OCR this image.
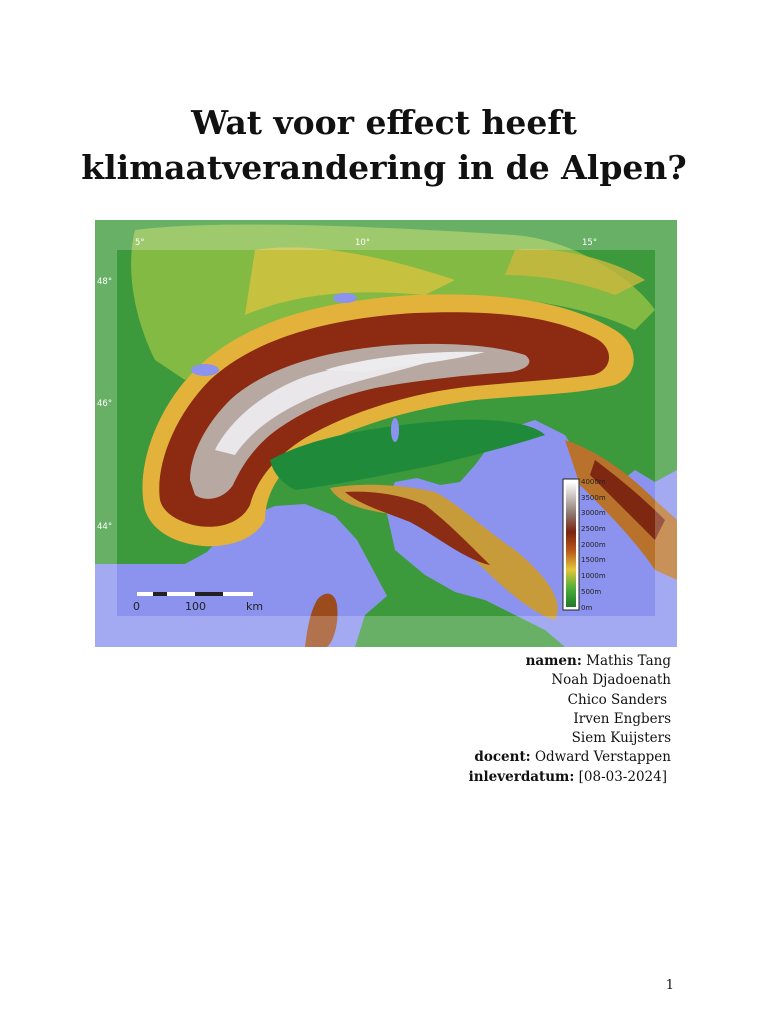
Wat voor effect heeft
klimaatverandering in de Alpen?
5°	10°	15°
48°
46°
44°
0	100	km
4000m
3500m
3000m
2500m
2000m
1500m
1000m
500m
0m
namen: Mathis Tang
Noah Djadoenath
Chico Sanders
Irven Engbers
Siem Kuijsters
docent: Odward Verstappen
inleverdatum: [08-03-2024]
1
